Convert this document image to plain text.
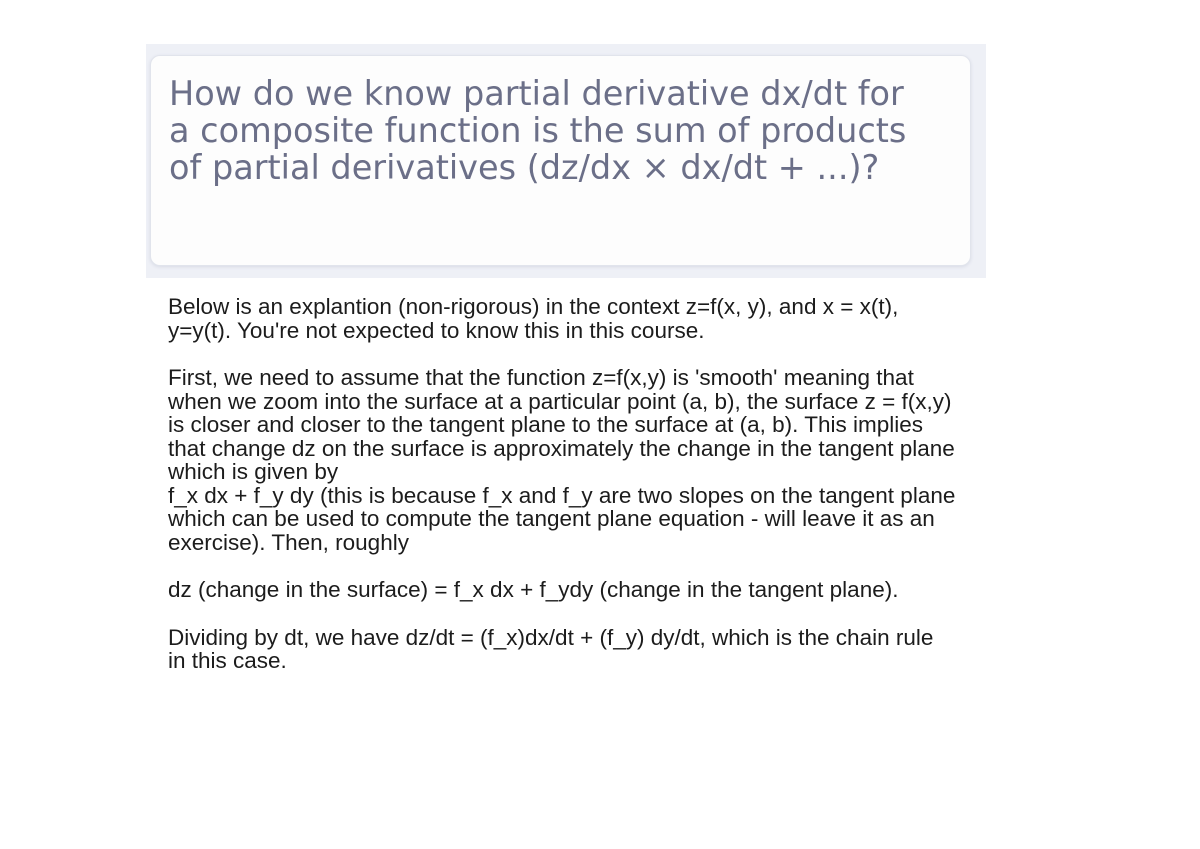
How do we know partial derivative dx/dt for a composite function is the sum of products of partial derivatives (dz/dx × dx/dt + ...)?

Below is an explantion (non-rigorous) in the context z=f(x, y), and x = x(t),
y=y(t). You're not expected to know this in this course.

First, we need to assume that the function z=f(x,y) is 'smooth' meaning that
when we zoom into the surface at a particular point (a, b), the surface z = f(x,y)
is closer and closer to the tangent plane to the surface at (a, b). This implies
that change dz on the surface is approximately the change in the tangent plane
which is given by
f_x dx + f_y dy (this is because f_x and f_y are two slopes on the tangent plane
which can be used to compute the tangent plane equation - will leave it as an
exercise). Then, roughly

dz (change in the surface) = f_x dx + f_ydy (change in the tangent plane).

Dividing by dt, we have dz/dt = (f_x)dx/dt + (f_y) dy/dt, which is the chain rule
in this case.
